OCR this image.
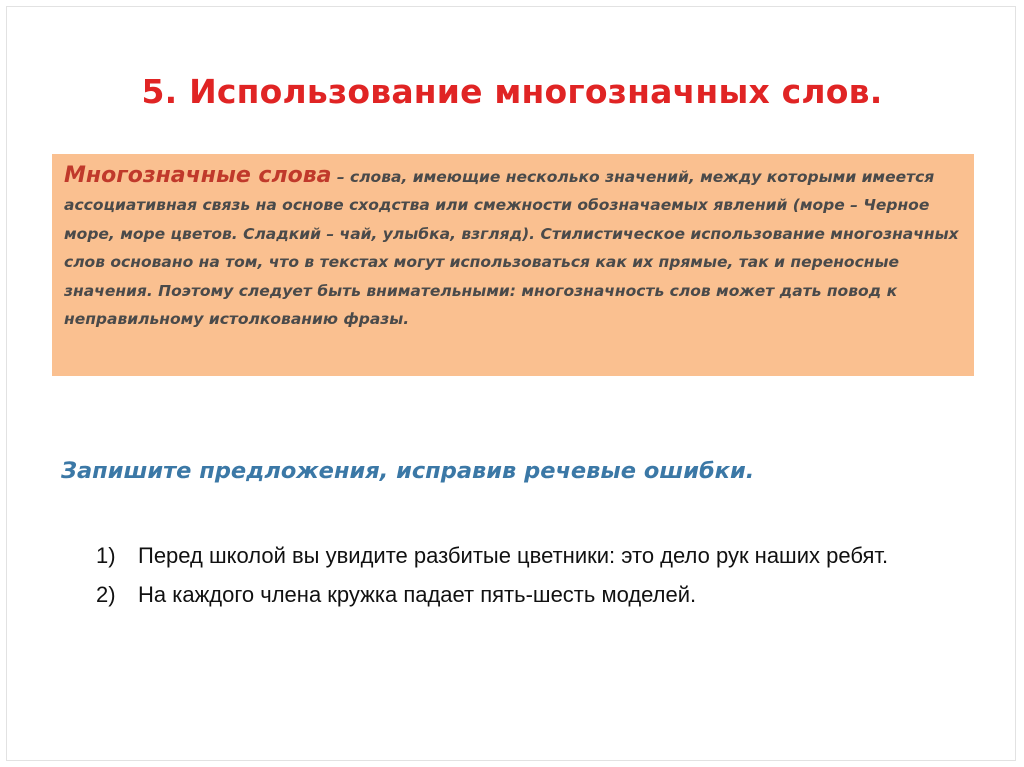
5. Использование многозначных слов.

Многозначные слова – слова, имеющие несколько значений, между которыми имеется ассоциативная связь на основе сходства или смежности обозначаемых явлений (море – Черное море, море цветов. Сладкий – чай, улыбка, взгляд). Стилистическое использование многозначных слов основано на том, что в текстах могут использоваться как их прямые, так и переносные значения. Поэтому следует быть внимательными: многозначность слов может дать повод к неправильному истолкованию фразы.

Запишите предложения, исправив речевые ошибки.
1)	Перед школой вы увидите разбитые цветники: это дело рук наших ребят.
2)	На каждого члена кружка падает пять-шесть моделей.
